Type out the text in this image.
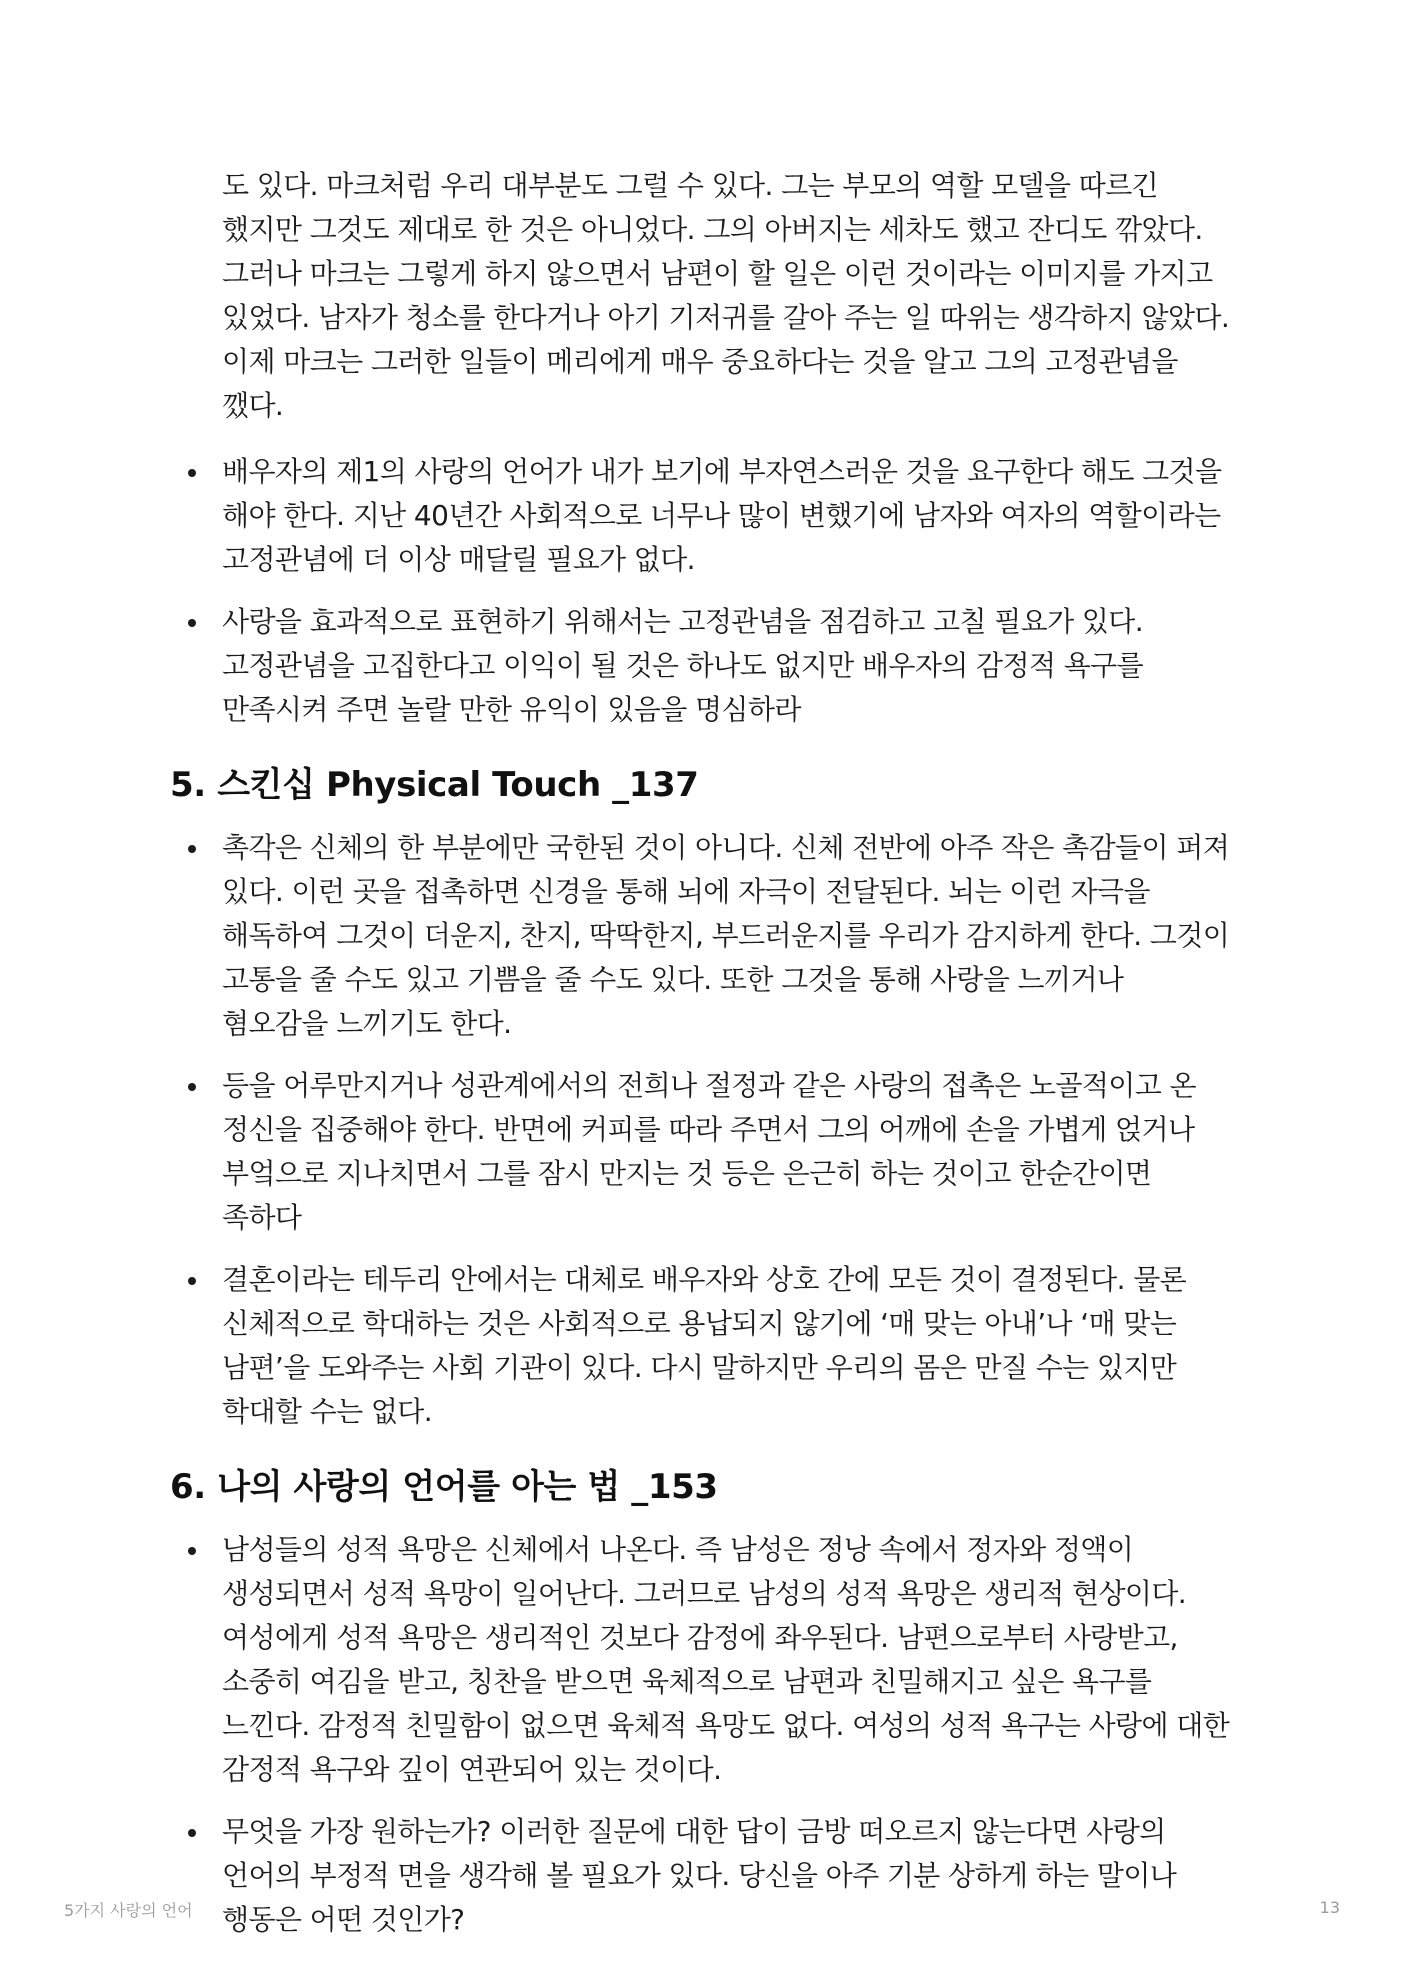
도 있다. 마크처럼 우리 대부분도 그럴 수 있다. 그는 부모의 역할 모델을 따르긴 했지만 그것도 제대로 한 것은 아니었다. 그의 아버지는 세차도 했고 잔디도 깎았다. 그러나 마크는 그렇게 하지 않으면서 남편이 할 일은 이런 것이라는 이미지를 가지고 있었다. 남자가 청소를 한다거나 아기 기저귀를 갈아 주는 일 따위는 생각하지 않았다. 이제 마크는 그러한 일들이 메리에게 매우 중요하다는 것을 알고 그의 고정관념을 깼다.

배우자의 제1의 사랑의 언어가 내가 보기에 부자연스러운 것을 요구한다 해도 그것을 해야 한다. 지난 40년간 사회적으로 너무나 많이 변했기에 남자와 여자의 역할이라는 고정관념에 더 이상 매달릴 필요가 없다.
사랑을 효과적으로 표현하기 위해서는 고정관념을 점검하고 고칠 필요가 있다. 고정관념을 고집한다고 이익이 될 것은 하나도 없지만 배우자의 감정적 욕구를 만족시켜 주면 놀랄 만한 유익이 있음을 명심하라
5. 스킨십 Physical Touch _137
촉각은 신체의 한 부분에만 국한된 것이 아니다. 신체 전반에 아주 작은 촉감들이 퍼져 있다. 이런 곳을 접촉하면 신경을 통해 뇌에 자극이 전달된다. 뇌는 이런 자극을 해독하여 그것이 더운지, 찬지, 딱딱한지, 부드러운지를 우리가 감지하게 한다. 그것이 고통을 줄 수도 있고 기쁨을 줄 수도 있다. 또한 그것을 통해 사랑을 느끼거나 혐오감을 느끼기도 한다.
등을 어루만지거나 성관계에서의 전희나 절정과 같은 사랑의 접촉은 노골적이고 온 정신을 집중해야 한다. 반면에 커피를 따라 주면서 그의 어깨에 손을 가볍게 얹거나 부엌으로 지나치면서 그를 잠시 만지는 것 등은 은근히 하는 것이고 한순간이면 족하다
결혼이라는 테두리 안에서는 대체로 배우자와 상호 간에 모든 것이 결정된다. 물론 신체적으로 학대하는 것은 사회적으로 용납되지 않기에 ‘매 맞는 아내’나 ‘매 맞는 남편’을 도와주는 사회 기관이 있다. 다시 말하지만 우리의 몸은 만질 수는 있지만 학대할 수는 없다.
6. 나의 사랑의 언어를 아는 법 _153
남성들의 성적 욕망은 신체에서 나온다. 즉 남성은 정낭 속에서 정자와 정액이 생성되면서 성적 욕망이 일어난다. 그러므로 남성의 성적 욕망은 생리적 현상이다. 여성에게 성적 욕망은 생리적인 것보다 감정에 좌우된다. 남편으로부터 사랑받고, 소중히 여김을 받고, 칭찬을 받으면 육체적으로 남편과 친밀해지고 싶은 욕구를 느낀다. 감정적 친밀함이 없으면 육체적 욕망도 없다. 여성의 성적 욕구는 사랑에 대한 감정적 욕구와 깊이 연관되어 있는 것이다.
무엇을 가장 원하는가? 이러한 질문에 대한 답이 금방 떠오르지 않는다면 사랑의 언어의 부정적 면을 생각해 볼 필요가 있다. 당신을 아주 기분 상하게 하는 말이나 행동은 어떤 것인가?
5가지 사랑의 언어	13
